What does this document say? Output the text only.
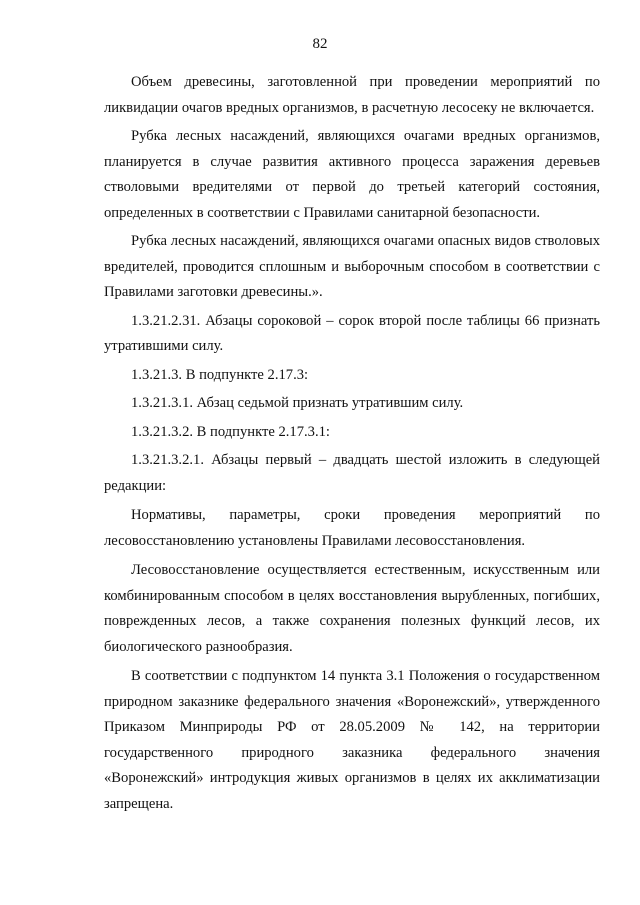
82

Объем древесины, заготовленной при проведении мероприятий по ликвидации очагов вредных организмов, в расчетную лесосеку не включается.

Рубка лесных насаждений, являющихся очагами вредных организмов, планируется в случае развития активного процесса заражения деревьев стволовыми вредителями от первой до третьей категорий состояния, определенных в соответствии с Правилами санитарной безопасности.

Рубка лесных насаждений, являющихся очагами опасных видов стволовых вредителей, проводится сплошным и выборочным способом в соответствии с Правилами заготовки древесины.».

1.3.21.2.31. Абзацы сороковой – сорок второй после таблицы 66 признать утратившими силу.

1.3.21.3. В подпункте 2.17.3:

1.3.21.3.1. Абзац седьмой признать утратившим силу.

1.3.21.3.2. В подпункте 2.17.3.1:

1.3.21.3.2.1. Абзацы первый – двадцать шестой изложить в следующей редакции:

Нормативы, параметры, сроки проведения мероприятий по лесовосстановлению установлены Правилами лесовосстановления.

Лесовосстановление осуществляется естественным, искусственным или комбинированным способом в целях восстановления вырубленных, погибших, поврежденных лесов, а также сохранения полезных функций лесов, их биологического разнообразия.

В соответствии с подпунктом 14 пункта 3.1 Положения о государственном природном заказнике федерального значения «Воронежский», утвержденного Приказом Минприроды РФ от 28.05.2009 № 142, на территории государственного природного заказника федерального значения «Воронежский» интродукция живых организмов в целях их акклиматизации запрещена.
